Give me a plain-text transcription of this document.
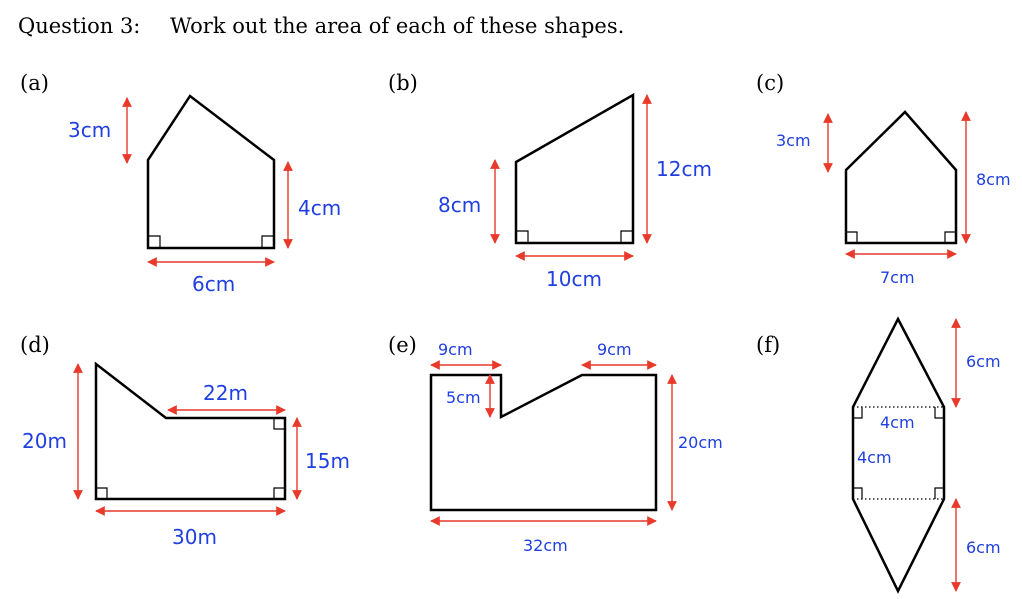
Question 3: Work out the area of each of these shapes.
(a)
3cm
4cm
6cm
(b)
12cm
8cm
10cm
(c)
3cm
8cm
7cm
(d)
22m
20m
15m
30m
(e) 9cm	9cm
5cm
20cm
32cm
(f)
6cm
4cm
4cm
6cm
